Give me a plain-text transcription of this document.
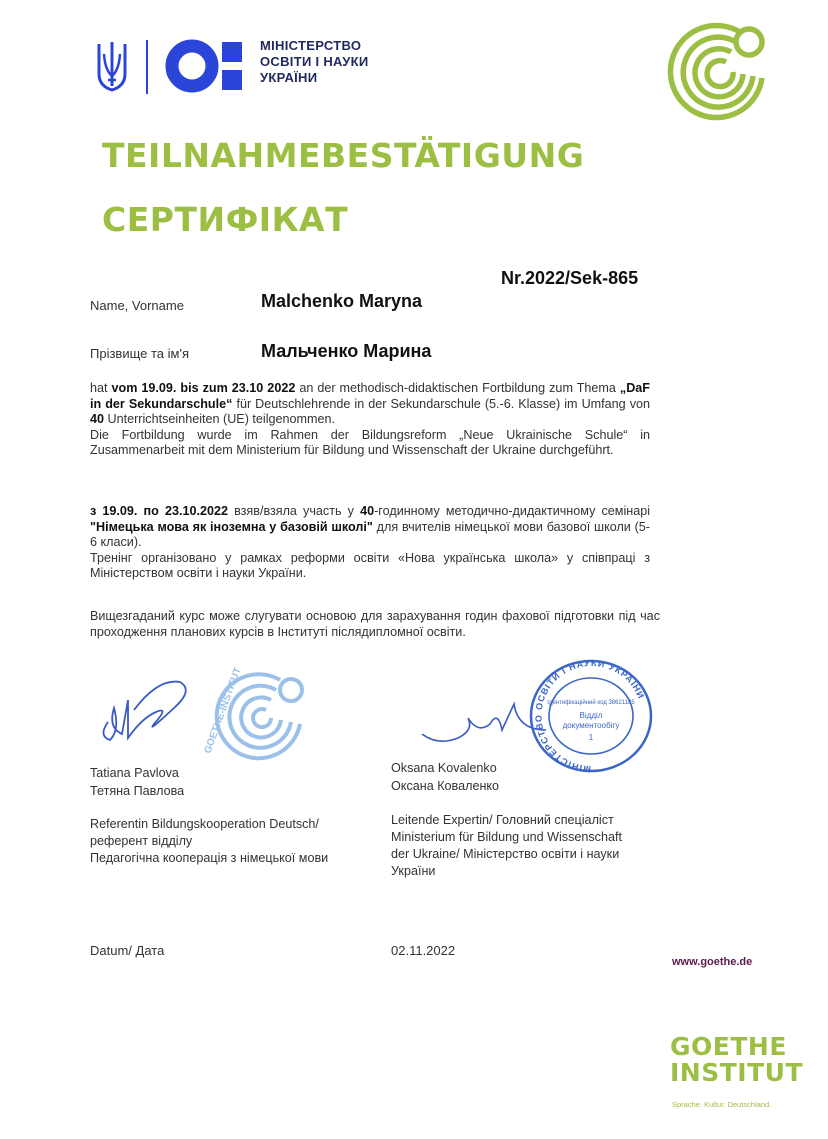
МІНІСТЕРСТВО
ОСВІТИ І НАУКИ
УКРАЇНИ
TEILNAHMEBESTÄTIGUNG
СЕРТИФІКАТ
Nr.2022/Sek-865
Name, Vorname	Malchenko Maryna
Прізвище та ім'я	Мальченко Марина
hat vom 19.09. bis zum 23.10 2022 an der methodisch-didaktischen Fortbildung zum Thema „DaF in der Sekundarschule“ für Deutschlehrende in der Sekundarschule (5.-6. Klasse) im Umfang von 40 Unterrichtseinheiten (UE) teilgenommen.
Die Fortbildung wurde im Rahmen der Bildungsreform „Neue Ukrainische Schule“ in Zusammenarbeit mit dem Ministerium für Bildung und Wissenschaft der Ukraine durchgeführt.
з 19.09. по 23.10.2022 взяв/взяла участь у 40-годинному методично-дидактичному семінарі "Німецька мова як іноземна у базовій школі" для вчителів німецької мови базової школи (5-6 класи).
Тренінг організовано у рамках реформи освіти «Нова українська школа» у співпраці з Міністерством освіти і науки України.
Вищезгаданий курс може слугувати основою для зарахування годин фахової підготовки під час проходження планових курсів в Інституті післядипломної освіти.
GOETHE-INSTITUT
МІНІСТЕРСТВО ОСВІТИ І НАУКИ УКРАЇНИ
Ідентифікаційний код 38621185
Відділ
документообігу
1
Tatiana Pavlova
Тетяна Павлова
Oksana Kovalenko
Оксана Коваленко
Referentin Bildungskooperation Deutsch/
референт відділу
Педагогічна кооперація з німецької мови
Leitende Expertin/ Головний спеціаліст
Ministerium für Bildung und Wissenschaft
der Ukraine/ Міністерство освіти і науки
України
Datum/ Дата	02.11.2022
www.goethe.de
GOETHE
INSTITUT
Sprache. Kultur. Deutschland.
